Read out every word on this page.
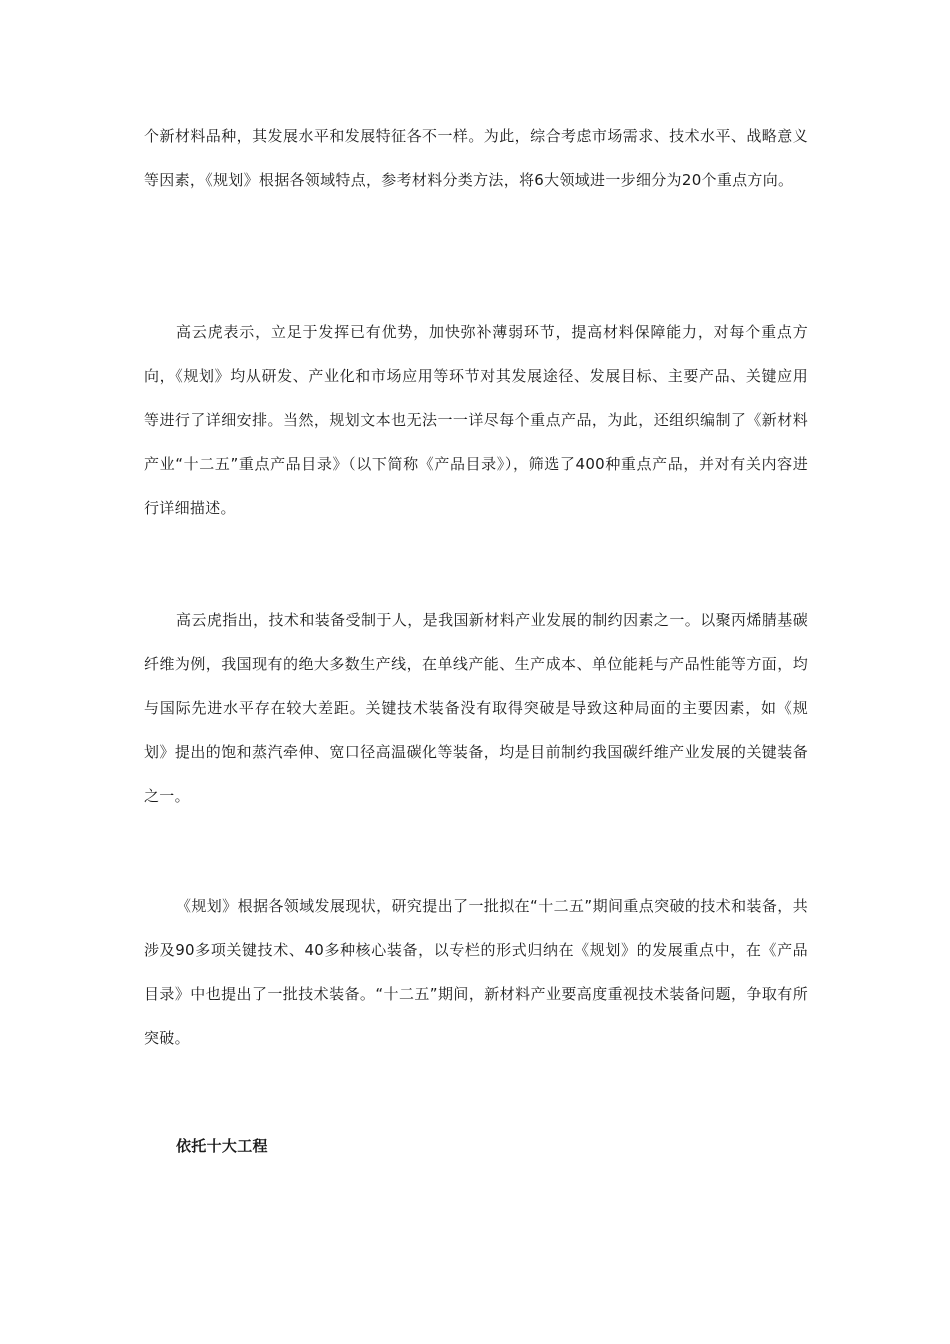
个新材料品种，其发展水平和发展特征各不一样。为此，综合考虑市场需求、技术水平、战略意义等因素，《规划》根据各领域特点，参考材料分类方法，将6大领域进一步细分为20个重点方向。

高云虎表示，立足于发挥已有优势，加快弥补薄弱环节，提高材料保障能力，对每个重点方向，《规划》均从研发、产业化和市场应用等环节对其发展途径、发展目标、主要产品、关键应用等进行了详细安排。当然，规划文本也无法一一详尽每个重点产品，为此，还组织编制了《新材料产业“十二五”重点产品目录》（以下简称《产品目录》），筛选了400种重点产品，并对有关内容进行详细描述。

高云虎指出，技术和装备受制于人，是我国新材料产业发展的制约因素之一。以聚丙烯腈基碳纤维为例，我国现有的绝大多数生产线，在单线产能、生产成本、单位能耗与产品性能等方面，均与国际先进水平存在较大差距。关键技术装备没有取得突破是导致这种局面的主要因素，如《规划》提出的饱和蒸汽牵伸、宽口径高温碳化等装备，均是目前制约我国碳纤维产业发展的关键装备之一。

《规划》根据各领域发展现状，研究提出了一批拟在“十二五”期间重点突破的技术和装备，共涉及90多项关键技术、40多种核心装备，以专栏的形式归纳在《规划》的发展重点中，在《产品目录》中也提出了一批技术装备。“十二五”期间，新材料产业要高度重视技术装备问题，争取有所突破。

依托十大工程
